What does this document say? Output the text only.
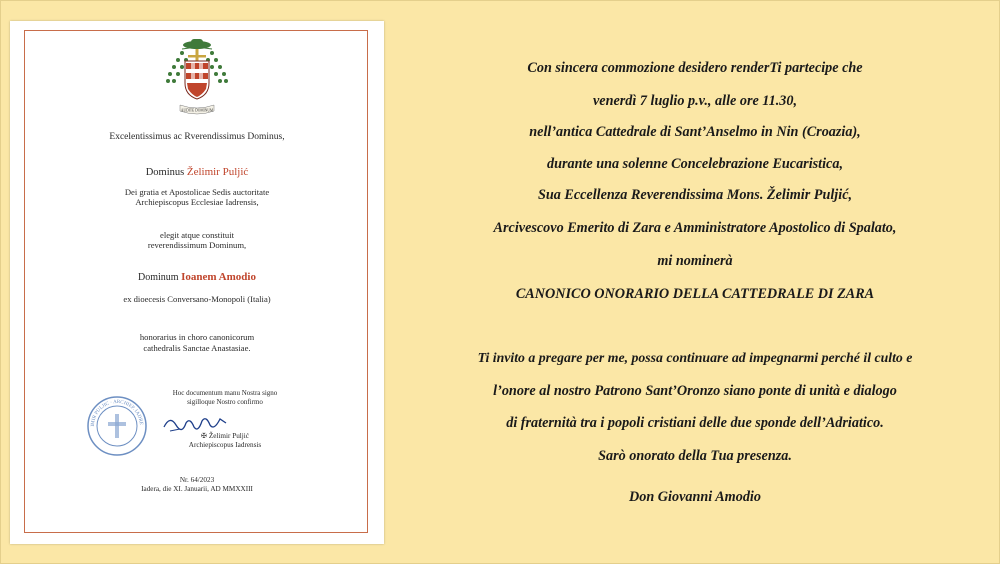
AUDITE DOMINUM
Excelentissimus ac Rverendissimus Dominus,
Dominus Želimir Puljić
Dei gratia et Apostolicae Sedis auctoritate
Archiepiscopus Ecclesiae Iadrensis,
elegit atque constituit
reverendissimum Dominum,
Dominum Ioanem Amodio
ex dioecesis Conversano-Monopoli (Italia)
honorarius in choro canonicorum
cathedralis Sanctae Anastasiae.
IMIR PULJIC · ARCHIEP. IADRE
Hoc documentum manu Nostra signo
sigilloque Nostro confirmo
✠ Želimir Puljić
Archiepiscopus Iadrensis
Nr. 64/2023
Iadera, die XI. Januarii, AD MMXXIII
Con sincera commozione desidero renderTi partecipe che
venerdì 7 luglio p.v., alle ore 11.30,
nell’antica Cattedrale di Sant’Anselmo in Nin (Croazia),
durante una solenne Concelebrazione Eucaristica,
Sua Eccellenza Reverendissima Mons. Želimir Puljić,
Arcivescovo Emerito di Zara e Amministratore Apostolico di Spalato,
mi nominerà
CANONICO ONORARIO DELLA CATTEDRALE DI ZARA
Ti invito a pregare per me, possa continuare ad impegnarmi perché il culto e
l’onore al nostro Patrono Sant’Oronzo siano ponte di unità e dialogo
di fraternità tra i popoli cristiani delle due sponde dell’Adriatico.
Sarò onorato della Tua presenza.
Don Giovanni Amodio
